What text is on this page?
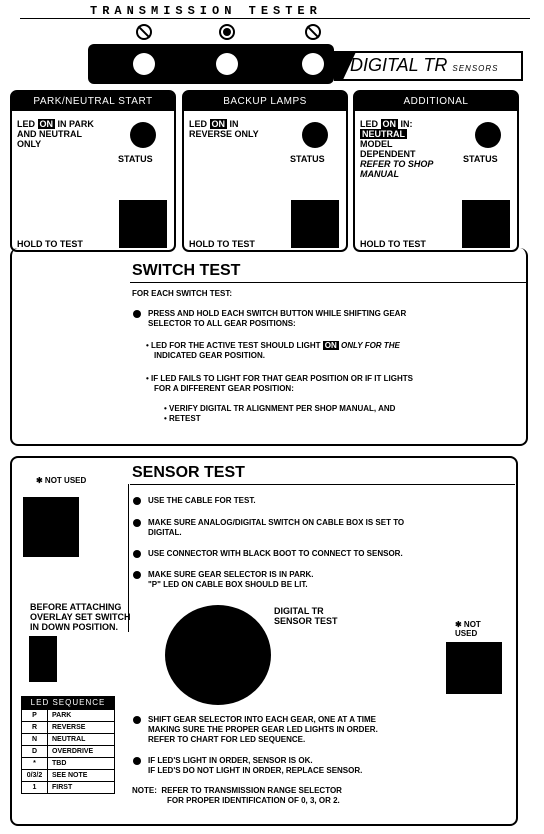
TRANSMISSION TESTER
DIGITAL TR SENSORS
PARK/NEUTRAL START
LED ON IN PARK AND NEUTRAL ONLY
STATUS
HOLD TO TEST
BACKUP LAMPS
LED ON IN REVERSE ONLY
STATUS
HOLD TO TEST
ADDITIONAL
LED ON IN:
NEUTRAL
MODEL DEPENDENT
REFER TO SHOP MANUAL
STATUS
HOLD TO TEST
SWITCH TEST
FOR EACH SWITCH TEST:
PRESS AND HOLD EACH SWITCH BUTTON WHILE SHIFTING GEAR
SELECTOR TO ALL GEAR POSITIONS:
• LED FOR THE ACTIVE TEST SHOULD LIGHT ON ONLY FOR THE
INDICATED GEAR POSITION.
• IF LED FAILS TO LIGHT FOR THAT GEAR POSITION OR IF IT LIGHTS
FOR A DIFFERENT GEAR POSITION:
• VERIFY DIGITAL TR ALIGNMENT PER SHOP MANUAL, AND
• RETEST
SENSOR TEST
✱ NOT USED
USE THE CABLE FOR TEST.
MAKE SURE ANALOG/DIGITAL SWITCH ON CABLE BOX IS SET TO
DIGITAL.
USE CONNECTOR WITH BLACK BOOT TO CONNECT TO SENSOR.
MAKE SURE GEAR SELECTOR IS IN PARK.
"P" LED ON CABLE BOX SHOULD BE LIT.
BEFORE ATTACHING
OVERLAY SET SWITCH
IN DOWN POSITION.
DIGITAL TR
SENSOR TEST	✱ NOT USED
SHIFT GEAR SELECTOR INTO EACH GEAR, ONE AT A TIME
MAKING SURE THE PROPER GEAR LED LIGHTS IN ORDER.
REFER TO CHART FOR LED SEQUENCE.
IF LED'S LIGHT IN ORDER, SENSOR IS OK.
IF LED'S DO NOT LIGHT IN ORDER, REPLACE SENSOR.
NOTE:  REFER TO TRANSMISSION RANGE SELECTOR
FOR PROPER IDENTIFICATION OF 0, 3, OR 2.
LED SEQUENCE
P	PARK
R	REVERSE
N	NEUTRAL
D	OVERDRIVE
*	TBD
0/3/2	SEE NOTE
1	FIRST
